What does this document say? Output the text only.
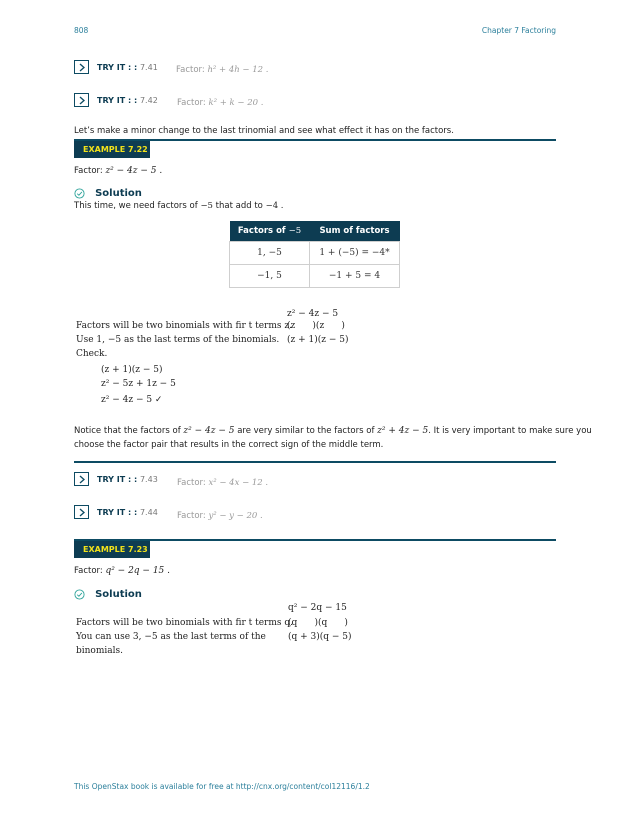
808	Chapter 7 Factoring
TRY IT : : 7.41 Factor: h² + 4h − 12 .
TRY IT : : 7.42 Factor: k² + k − 20 .
Let’s make a minor change to the last trinomial and see what effect it has on the factors.
EXAMPLE 7.22
Factor: z² − 4z − 5 .
Solution
This time, we need factors of −5 that add to −4 .
Factors of −5	Sum of factors
1, −5	1 + (−5) = −4*
−1, 5	−1 + 5 = 4
z² − 4z − 5
Factors will be two binomials with fir t terms z.
(z      )(z      )
Use 1, −5 as the last terms of the binomials. (z + 1)(z − 5)
Check.
(z + 1)(z − 5)
z² − 5z + 1z − 5
z² − 4z − 5 ✓
Notice that the factors of z² − 4z − 5 are very similar to the factors of z² + 4z − 5. It is very important to make sure you
choose the factor pair that results in the correct sign of the middle term.
TRY IT : : 7.43 Factor: x² − 4x − 12 .
TRY IT : : 7.44 Factor: y² − y − 20 .
EXAMPLE 7.23
Factor: q² − 2q − 15 .
Solution
q² − 2q − 15
Factors will be two binomials with fir t terms q.
(q      )(q      )
You can use 3, −5 as the last terms of the (q + 3)(q − 5)
binomials.
This OpenStax book is available for free at http://cnx.org/content/col12116/1.2
